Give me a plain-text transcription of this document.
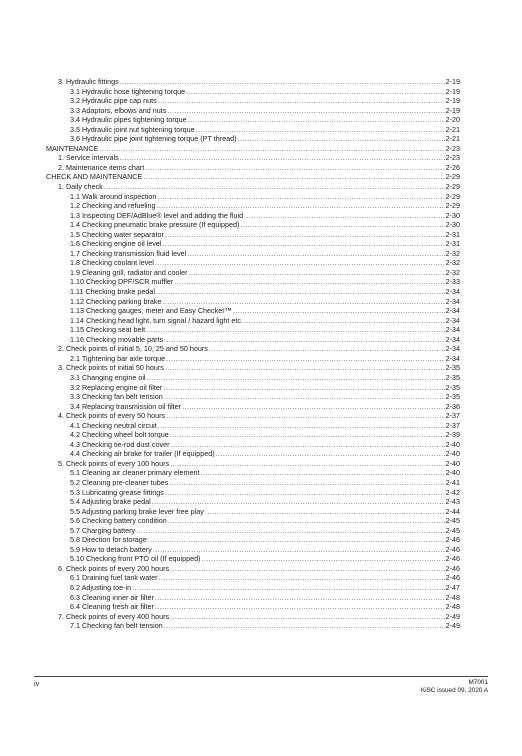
3. Hydraulic fittings .....	2-19
3.1 Hydraulic hose tightening torque .....	2-19
3.2 Hydraulic pipe cap nuts .....	2-19
3.3 Adaptors, elbows and nuts .....	2-19
3.4 Hydraulic pipes tightening torque .....	2-20
3.5 Hydraulic joint nut tightening torque .....	2-21
3.6 Hydraulic pipe joint tightening torque (PT thread) .....	2-21
MAINTENANCE .....	2-23
1. Service intervals .....	2-23
2. Maintenance items chart .....	2-26
CHECK AND MAINTENANCE .....	2-29
1. Daily check .....	2-29
1.1 Walk around inspection .....	2-29
1.2 Checking and refueling .....	2-29
1.3 Inspecting DEF/AdBlue® level and adding the fluid .....	2-30
1.4 Checking pneumatic brake pressure (If equipped) .....	2-30
1.5 Checking water separator .....	2-31
1.6 Checking engine oil level .....	2-31
1.7 Checking transmission fluid level .....	2-32
1.8 Checking coolant level .....	2-32
1.9 Cleaning grill, radiator and cooler .....	2-32
1.10 Checking DPF/SCR muffler .....	2-33
1.11 Checking brake pedal .....	2-34
1.12 Checking parking brake .....	2-34
1.13 Checking gauges, meter and Easy Checker™ .....	2-34
1.14 Checking head light, turn signal / hazard light etc. .....	2-34
1.15 Checking seat belt .....	2-34
1.16 Checking movable parts .....	2-34
2. Check points of initial 5, 10, 25 and 50 hours .....	2-34
2.1 Tightening bar axle torque .....	2-34
3. Check points of initial 50 hours .....	2-35
3.1 Changing engine oil .....	2-35
3.2 Replacing engine oil filter .....	2-35
3.3 Checking fan belt tension .....	2-35
3.4 Replacing transmission oil filter .....	2-36
4. Check points of every 50 hours .....	2-37
4.1 Checking neutral circuit .....	2-37
4.2 Checking wheel bolt torque .....	2-39
4.3 Checking tie-rod dust cover .....	2-40
4.4 Checking air brake for trailer (If equipped) .....	2-40
5. Check points of every 100 hours .....	2-40
5.1 Cleaning air cleaner primary element .....	2-40
5.2 Cleaning pre-cleaner tubes .....	2-41
5.3 Lubricating grease fittings .....	2-42
5.4 Adjusting brake pedal .....	2-43
5.5 Adjusting parking brake lever free play .....	2-44
5.6 Checking battery condition .....	2-45
5.7 Charging battery .....	2-45
5.8 Direction for storage .....	2-46
5.9 How to detach battery .....	2-46
5.10 Checking front PTO oil (If equipped) .....	2-46
6. Check points of every 200 hours .....	2-46
6.1 Draining fuel tank water .....	2-46
6.2 Adjusting toe-in .....	2-47
6.3 Cleaning inner air filter .....	2-48
6.4 Cleaning fresh air filter .....	2-48
7. Check points of every 400 hours .....	2-49
7.1 Checking fan belt tension .....	2-49
iv	M7001
KiSC issued 09, 2020 A
